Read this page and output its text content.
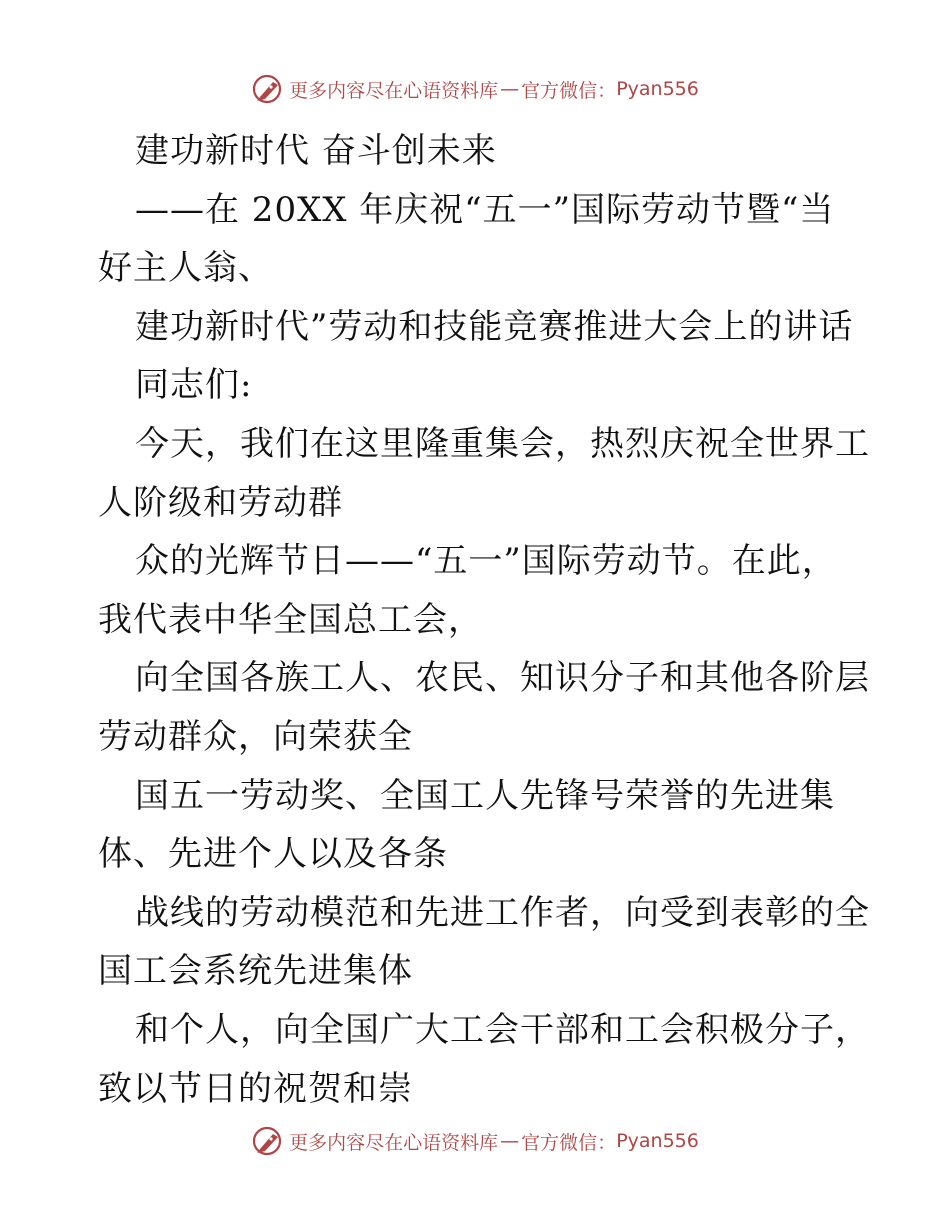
更多内容尽在心语资料库 — 官方微信： Pyan556
建功新时代 奋斗创未来
——在 20XX 年庆祝“五一”国际劳动节暨“当
好主人翁、
建功新时代”劳动和技能竞赛推进大会上的讲话
同志们:
今天，我们在这里隆重集会，热烈庆祝全世界工
人阶级和劳动群
众的光辉节日——“五一”国际劳动节。在此，
我代表中华全国总工会，
向全国各族工人、农民、知识分子和其他各阶层
劳动群众，向荣获全
国五一劳动奖、全国工人先锋号荣誉的先进集
体、先进个人以及各条
战线的劳动模范和先进工作者，向受到表彰的全
国工会系统先进集体
和个人，向全国广大工会干部和工会积极分子，
致以节日的祝贺和崇
更多内容尽在心语资料库 — 官方微信： Pyan556
